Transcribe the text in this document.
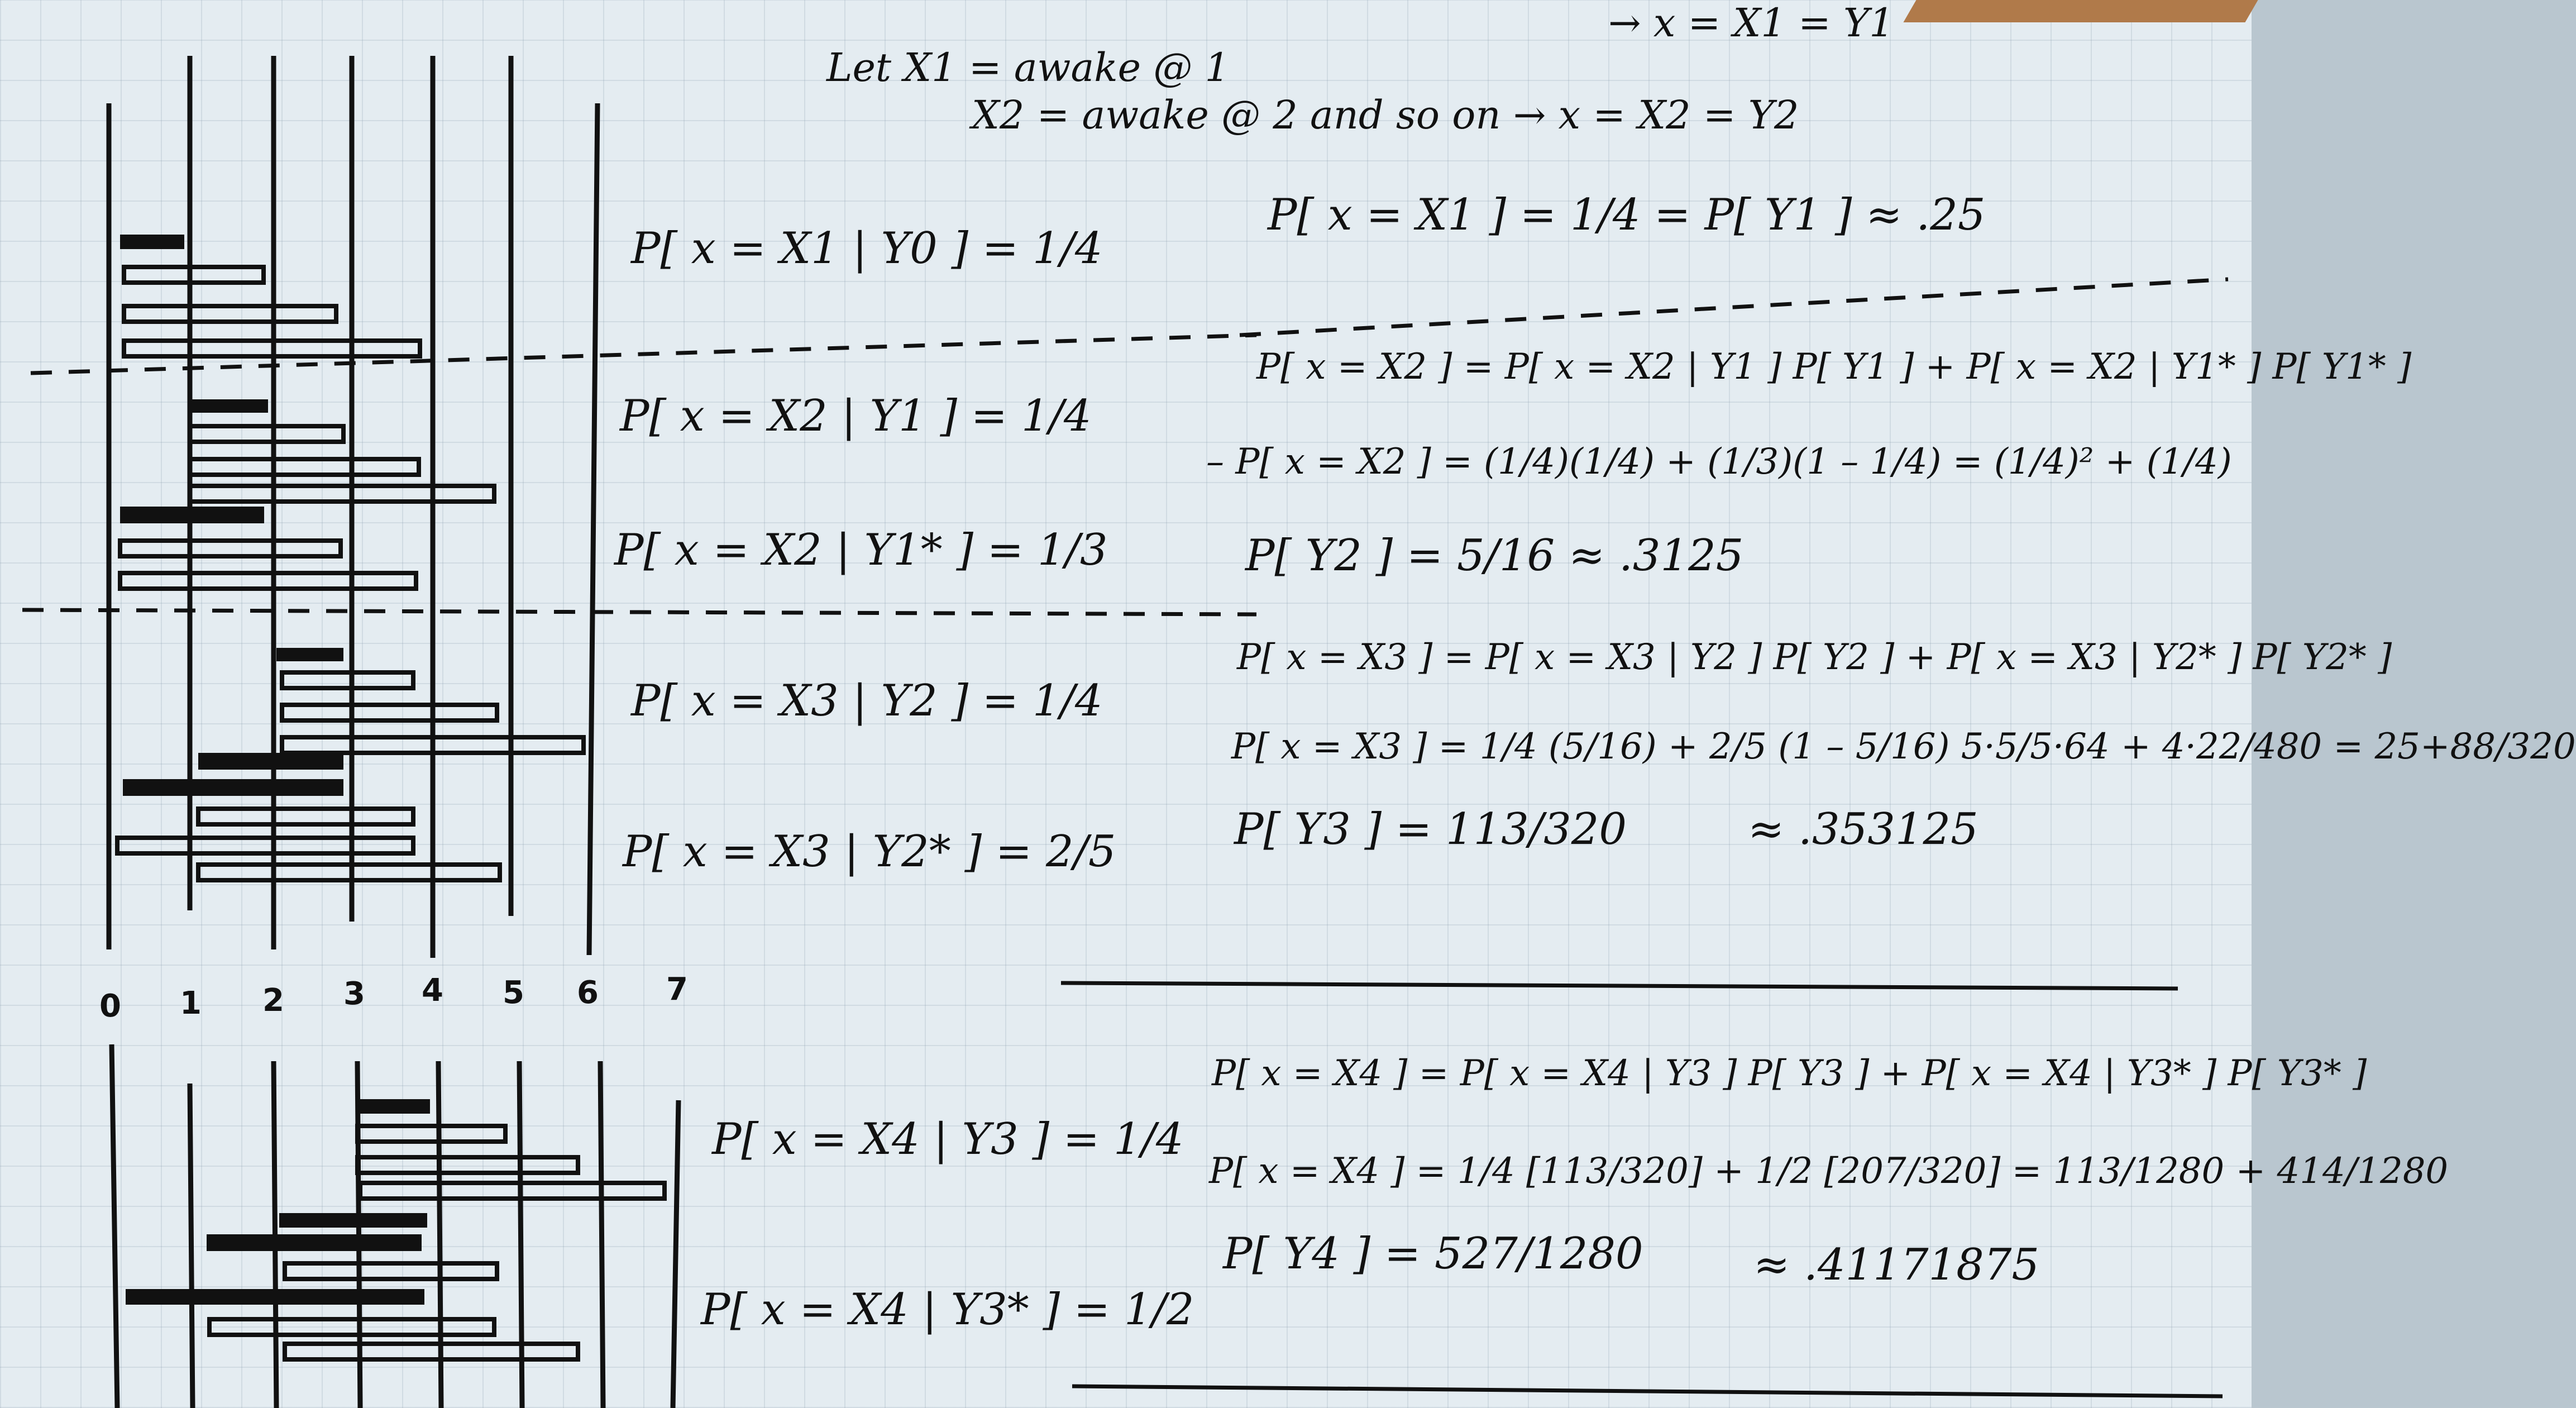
0 1 2 3 4 5 6 7
→ x = X1 = Y1
Let X1 = awake @ 1
X2 = awake @ 2 and so on → x = X2 = Y2
P[ x = X1 | Y0 ] = 1/4
P[ x = X2 | Y1 ] = 1/4
P[ x = X2 | Y1* ] = 1/3
P[ x = X3 | Y2 ] = 1/4
P[ x = X3 | Y2* ] = 2/5
P[ x = X4 | Y3 ] = 1/4
P[ x = X4 | Y3* ] = 1/2
P[ x = X1 ] = 1/4 = P[ Y1 ] ≈ .25
P[ x = X2 ] = P[ x = X2 | Y1 ] P[ Y1 ] + P[ x = X2 | Y1* ] P[ Y1* ]
– P[ x = X2 ] = (1/4)(1/4) + (1/3)(1 – 1/4) = (1/4)² + (1/4)
P[ Y2 ] = 5/16 ≈ .3125
P[ x = X3 ] = P[ x = X3 | Y2 ] P[ Y2 ] + P[ x = X3 | Y2* ] P[ Y2* ]
P[ x = X3 ] = 1/4 (5/16) + 2/5 (1 – 5/16) 5·5/5·64 + 4·22/480 = 25+88/320
P[ Y3 ] = 113/320	≈ .353125
P[ x = X4 ] = P[ x = X4 | Y3 ] P[ Y3 ] + P[ x = X4 | Y3* ] P[ Y3* ]
P[ x = X4 ] = 1/4 [113/320] + 1/2 [207/320] = 113/1280 + 414/1280
P[ Y4 ] = 527/1280	≈ .41171875
